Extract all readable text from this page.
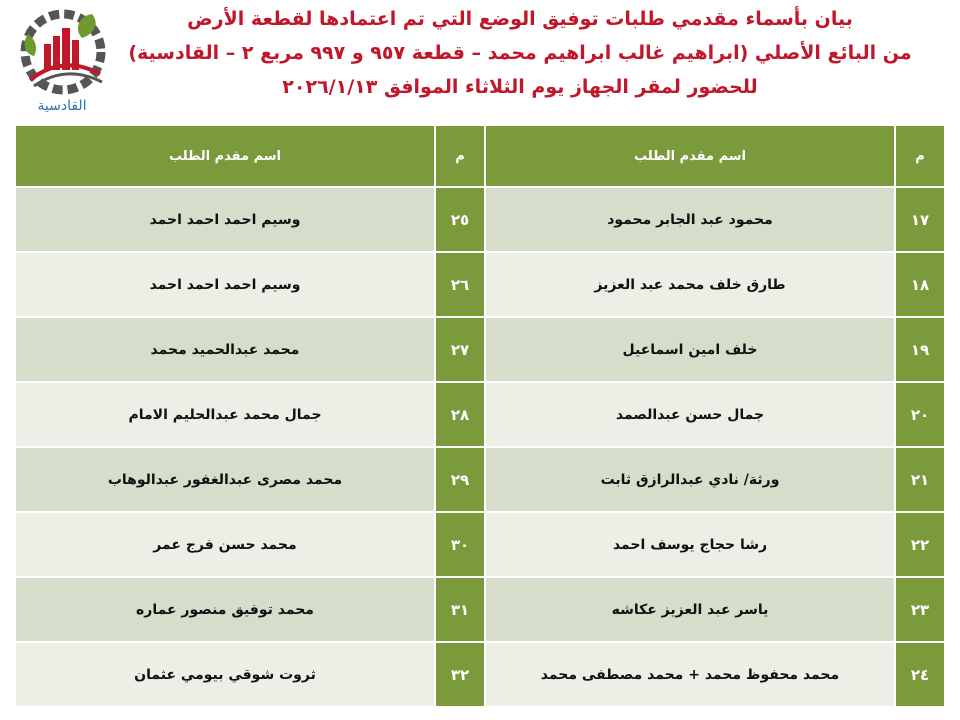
القادسية
بيان بأسماء مقدمي طلبات توفيق الوضع التي تم اعتمادها لقطعة الأرض
من البائع الأصلي (ابراهيم غالب ابراهيم محمد – قطعة ٩٥٧ و ٩٩٧ مربع ٢ – القادسية)
للحضور لمقر الجهاز يوم الثلاثاء الموافق ٢٠٢٦/١/١٣
م	اسم مقدم الطلب	م	اسم مقدم الطلب
١٧	محمود عبد الجابر محمود	٢٥	وسيم احمد احمد احمد
١٨	طارق خلف محمد عبد العزيز	٢٦	وسيم احمد احمد احمد
١٩	خلف امين اسماعيل	٢٧	محمد عبدالحميد محمد
٢٠	جمال حسن عبدالصمد	٢٨	جمال محمد عبدالحليم الامام
٢١	ورثة/ نادي عبدالرازق ثابت	٢٩	محمد مصرى عبدالغفور عبدالوهاب
٢٢	رشا حجاج يوسف احمد	٣٠	محمد حسن فرج عمر
٢٣	ياسر عبد العزيز عكاشه	٣١	محمد توفيق منصور عماره
٢٤	محمد محفوظ محمد + محمد مصطفى محمد	٣٢	ثروت شوقي بيومي عثمان
